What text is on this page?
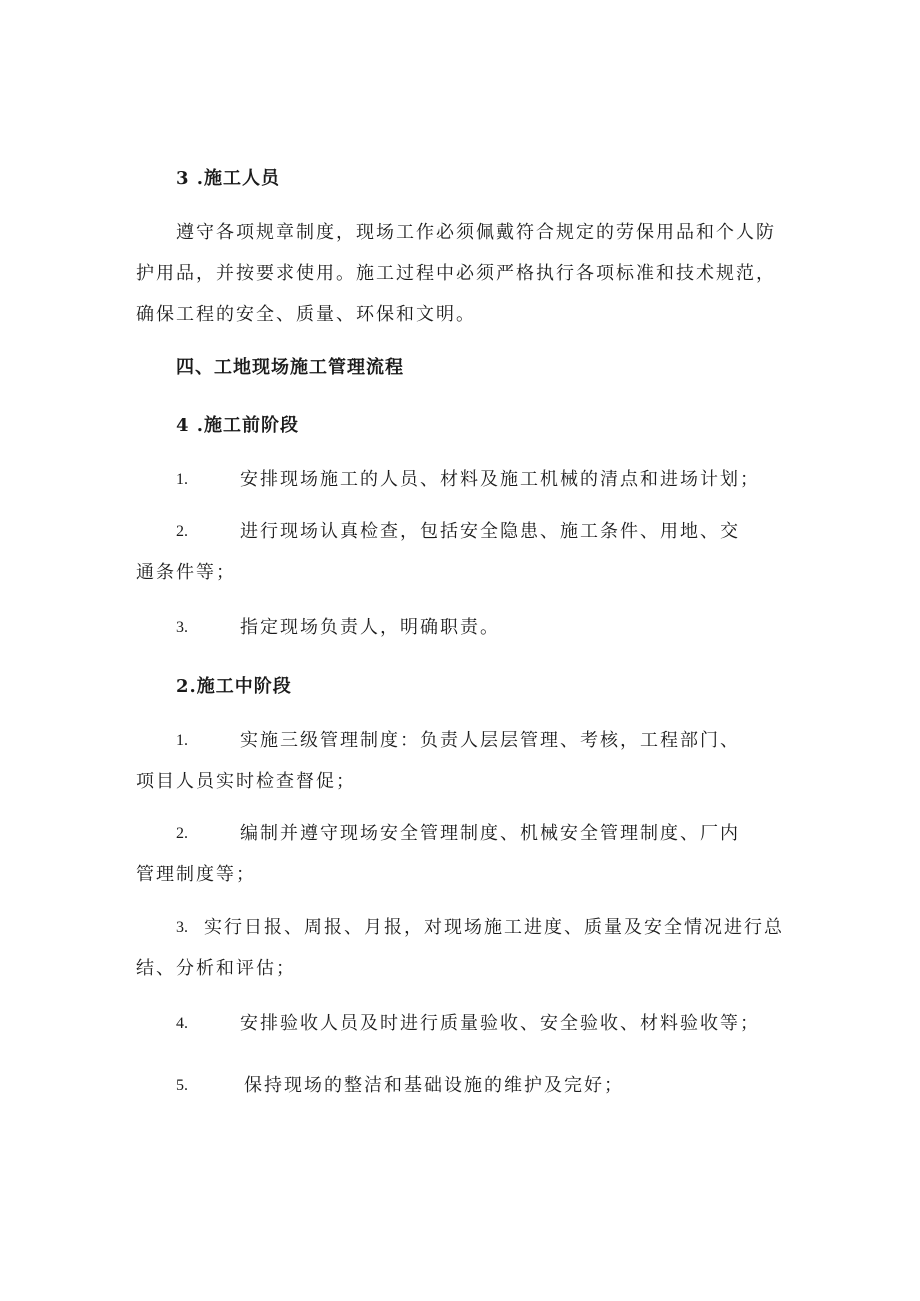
3 .施工人员
遵守各项规章制度，现场工作必须佩戴符合规定的劳保用品和个人防
护用品，并按要求使用。施工过程中必须严格执行各项标准和技术规范，
确保工程的安全、质量、环保和文明。
四、工地现场施工管理流程
4 .施工前阶段
1.	安排现场施工的人员、材料及施工机械的清点和进场计划；
2.	进行现场认真检查，包括安全隐患、施工条件、用地、交
通条件等；
3.	指定现场负责人，明确职责。
2.施工中阶段
1.	实施三级管理制度：负责人层层管理、考核，工程部门、
项目人员实时检查督促；
2.	编制并遵守现场安全管理制度、机械安全管理制度、厂内
管理制度等；
3. 实行日报、周报、月报，对现场施工进度、质量及安全情况进行总
结、分析和评估；
4.	安排验收人员及时进行质量验收、安全验收、材料验收等；
5.	保持现场的整洁和基础设施的维护及完好；
